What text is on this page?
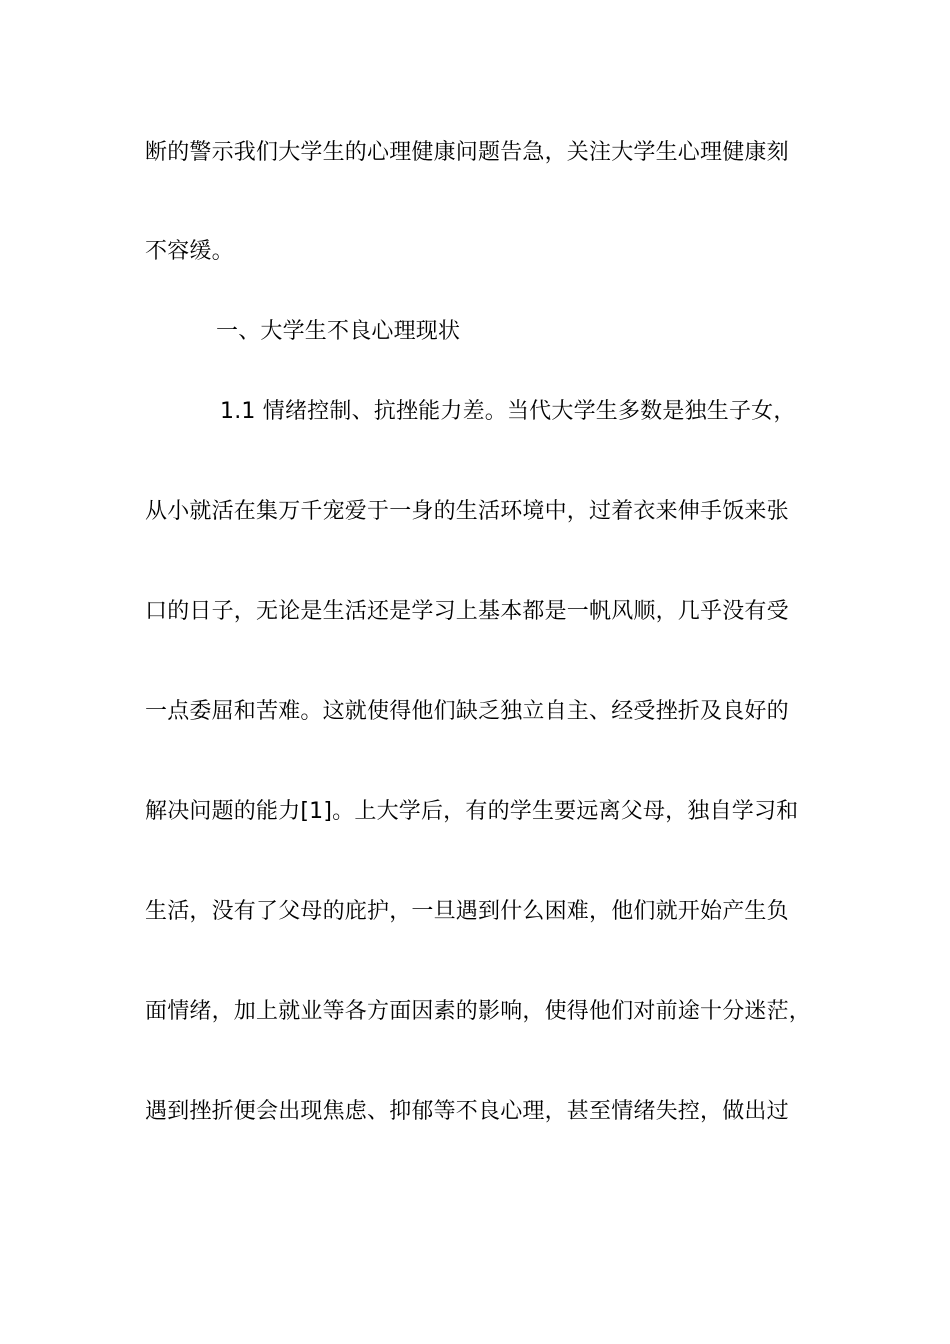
断的警示我们大学生的心理健康问题告急，关注大学生心理健康刻
不容缓。
一、大学生不良心理现状
1.1 情绪控制、抗挫能力差。当代大学生多数是独生子女，
从小就活在集万千宠爱于一身的生活环境中，过着衣来伸手饭来张
口的日子，无论是生活还是学习上基本都是一帆风顺，几乎没有受
一点委屈和苦难。这就使得他们缺乏独立自主、经受挫折及良好的
解决问题的能力[1]。上大学后，有的学生要远离父母，独自学习和
生活，没有了父母的庇护，一旦遇到什么困难，他们就开始产生负
面情绪，加上就业等各方面因素的影响，使得他们对前途十分迷茫，
遇到挫折便会出现焦虑、抑郁等不良心理，甚至情绪失控，做出过
